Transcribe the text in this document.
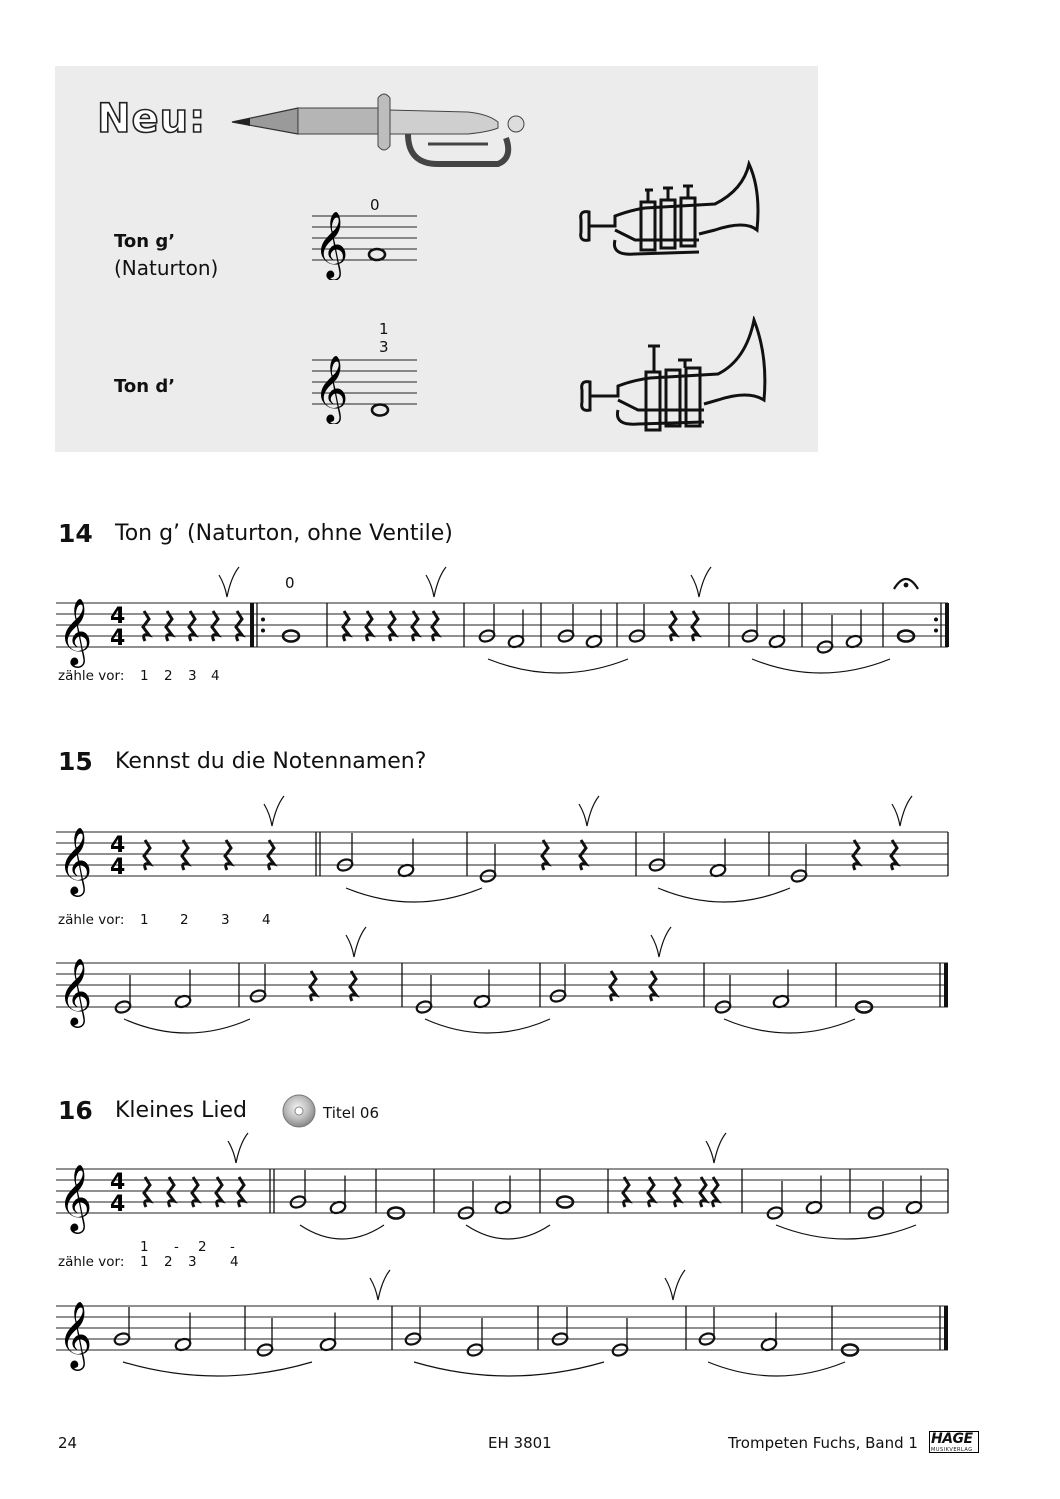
Neu:
Ton g’
(Naturton)
0
𝄞
Ton d’
1
3
𝄞
14 Ton g’ (Naturton, ohne Ventile)
0
zähle vor: 1 2 3 4
15 Kennst du die Notennamen?
zähle vor: 1 2 3 4
16 Kleines Lied	Titel 06
1 - 2 -
zähle vor: 1 2 3 4
𝄞 4
4
𝄞 4
4
𝄞
𝄞 4
4
𝄞
24	EH 3801	Trompeten Fuchs, Band 1 HAGE
MUSIKVERLAG
